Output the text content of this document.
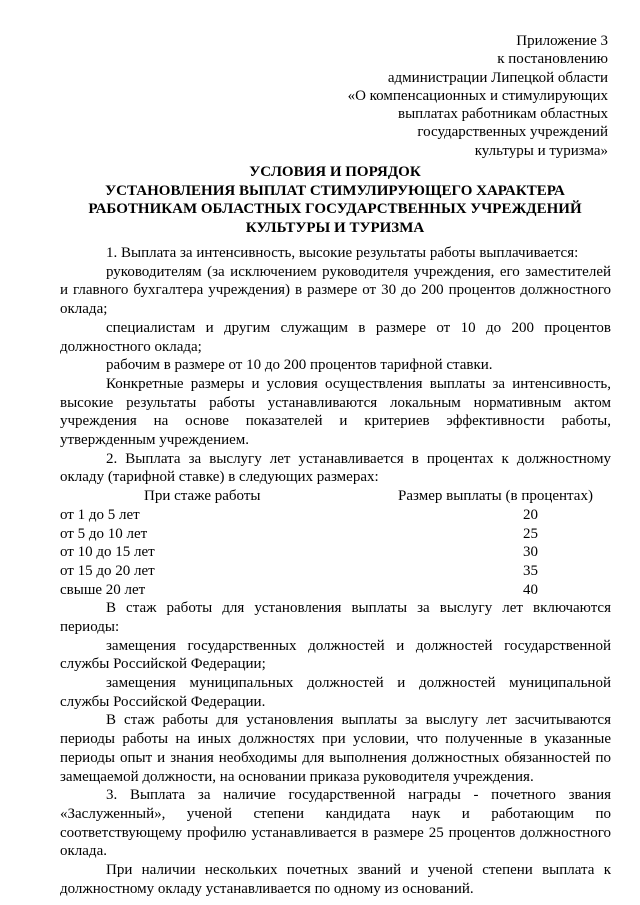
Приложение 3
к постановлению
администрации Липецкой области
«О компенсационных и стимулирующих
выплатах работникам областных
государственных учреждений
культуры и туризма»
УСЛОВИЯ И ПОРЯДОК
УСТАНОВЛЕНИЯ ВЫПЛАТ СТИМУЛИРУЮЩЕГО ХАРАКТЕРА
РАБОТНИКАМ ОБЛАСТНЫХ ГОСУДАРСТВЕННЫХ УЧРЕЖДЕНИЙ
КУЛЬТУРЫ И ТУРИЗМА

1. Выплата за интенсивность, высокие результаты работы выплачивается:

руководителям (за исключением руководителя учреждения, его заместителей и главного бухгалтера учреждения) в размере от 30 до 200 процентов должностного оклада;

специалистам и другим служащим в размере от 10 до 200 процентов должностного оклада;

рабочим в размере от 10 до 200 процентов тарифной ставки.

Конкретные размеры и условия осуществления выплаты за интенсивность, высокие результаты работы устанавливаются локальным нормативным актом учреждения на основе показателей и критериев эффективности работы, утвержденным учреждением.

2. Выплата за выслугу лет устанавливается в процентах к должностному окладу (тарифной ставке) в следующих размерах:

При стаже работы	Размер выплаты (в процентах)
от 1 до 5 лет	20
от 5 до 10 лет	25
от 10 до 15 лет	30
от 15 до 20 лет	35
свыше 20 лет	40

В стаж работы для установления выплаты за выслугу лет включаются периоды:

замещения государственных должностей и должностей государственной службы Российской Федерации;

замещения муниципальных должностей и должностей муниципальной службы Российской Федерации.

В стаж работы для установления выплаты за выслугу лет засчитываются периоды работы на иных должностях при условии, что полученные в указанные периоды опыт и знания необходимы для выполнения должностных обязанностей по замещаемой должности, на основании приказа руководителя учреждения.

3. Выплата за наличие государственной награды - почетного звания «Заслуженный», ученой степени кандидата наук и работающим по соответствующему профилю устанавливается в размере 25 процентов должностного оклада.

При наличии нескольких почетных званий и ученой степени выплата к должностному окладу устанавливается по одному из оснований.
